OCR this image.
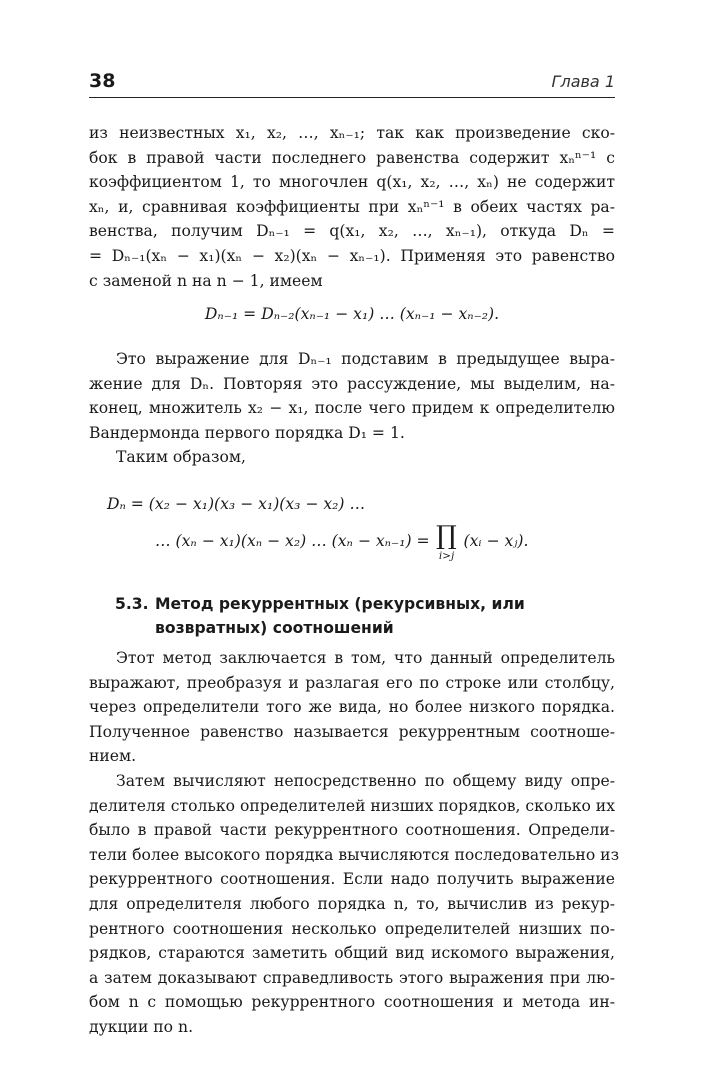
38	Глава 1
из неизвестных x₁, x₂, …, xₙ₋₁; так как произведение ско-
бок в правой части последнего равенства содержит xₙⁿ⁻¹ с
коэффициентом 1, то многочлен q(x₁, x₂, …, xₙ) не содержит
xₙ, и, сравнивая коэффициенты при xₙⁿ⁻¹ в обеих частях ра-
венства, получим Dₙ₋₁ = q(x₁, x₂, …, xₙ₋₁), откуда Dₙ =
= Dₙ₋₁(xₙ − x₁)(xₙ − x₂)(xₙ − xₙ₋₁). Применяя это равенство
с заменой n на n − 1, имеем
Dₙ₋₁ = Dₙ₋₂(xₙ₋₁ − x₁) … (xₙ₋₁ − xₙ₋₂).
Это выражение для Dₙ₋₁ подставим в предыдущее выра-
жение для Dₙ. Повторяя это рассуждение, мы выделим, на-
конец, множитель x₂ − x₁, после чего придем к определителю
Вандермонда первого порядка D₁ = 1.
Таким образом,
Dₙ = (x₂ − x₁)(x₃ − x₁)(x₃ − x₂) …
… (xₙ − x₁)(xₙ − x₂) … (xₙ − xₙ₋₁) = ∏
i>j
(xᵢ − xⱼ).
5.3. Метод рекуррентных (рекурсивных, или
возвратных) соотношений
Этот метод заключается в том, что данный определитель
выражают, преобразуя и разлагая его по строке или столбцу,
через определители того же вида, но более низкого порядка.
Полученное равенство называется рекуррентным соотноше-
нием.
Затем вычисляют непосредственно по общему виду опре-
делителя столько определителей низших порядков, сколько их
было в правой части рекуррентного соотношения. Определи-
тели более высокого порядка вычисляются последовательно из
рекуррентного соотношения. Если надо получить выражение
для определителя любого порядка n, то, вычислив из рекур-
рентного соотношения несколько определителей низших по-
рядков, стараются заметить общий вид искомого выражения,
а затем доказывают справедливость этого выражения при лю-
бом n с помощью рекуррентного соотношения и метода ин-
дукции по n.
